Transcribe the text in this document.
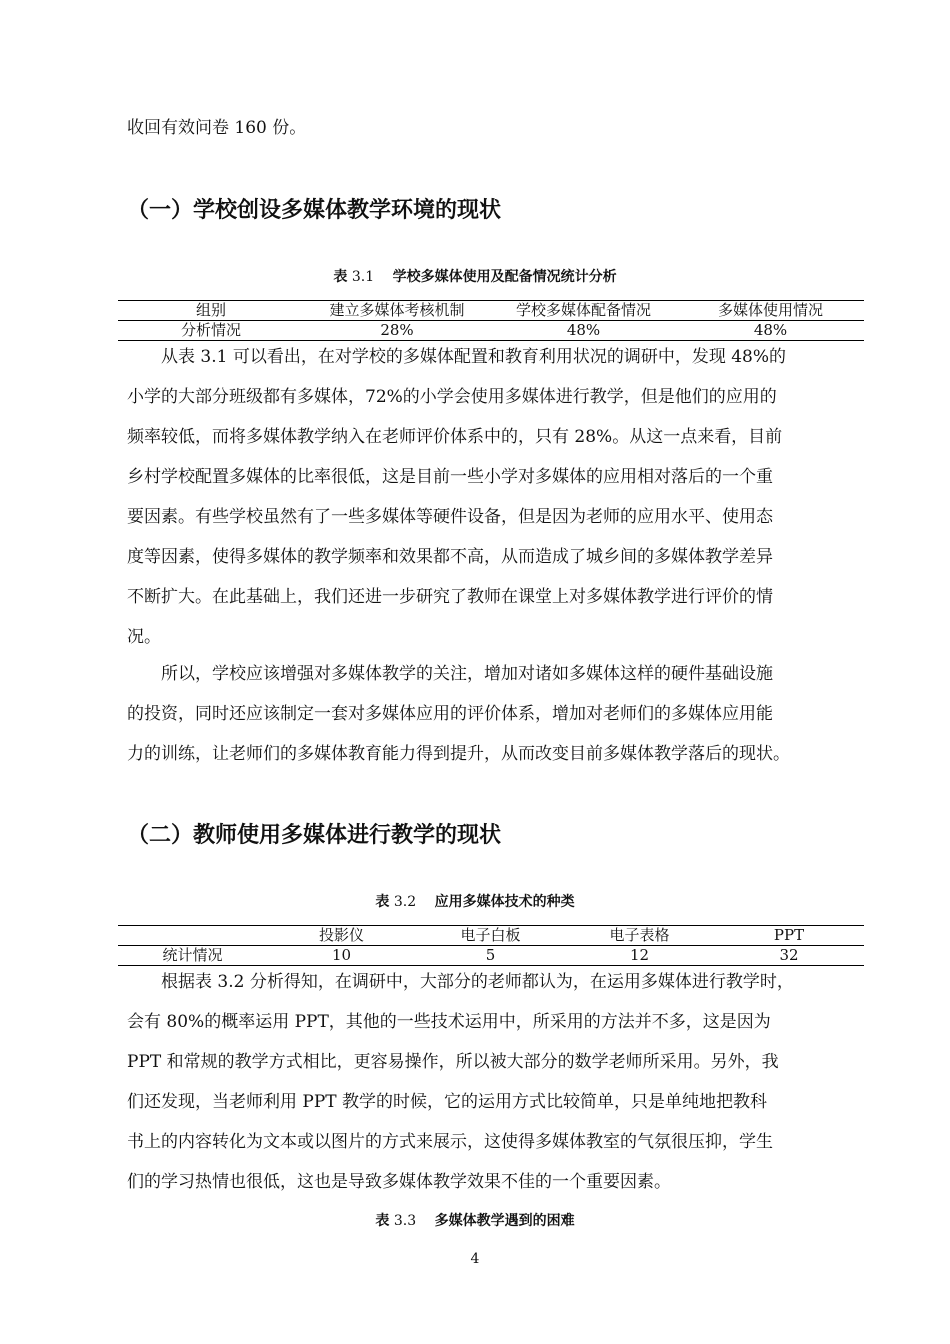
收回有效问卷 160 份。
（一）学校创设多媒体教学环境的现状

表 3.1 学校多媒体使用及配备情况统计分析

组别	建立多媒体考核机制	学校多媒体配备情况	多媒体使用情况
分析情况	28%	48%	48%
从表 3.1 可以看出，在对学校的多媒体配置和教育利用状况的调研中，发现 48%的
小学的大部分班级都有多媒体，72%的小学会使用多媒体进行教学，但是他们的应用的
频率较低，而将多媒体教学纳入在老师评价体系中的，只有 28%。从这一点来看，目前
乡村学校配置多媒体的比率很低，这是目前一些小学对多媒体的应用相对落后的一个重
要因素。有些学校虽然有了一些多媒体等硬件设备，但是因为老师的应用水平、使用态
度等因素，使得多媒体的教学频率和效果都不高，从而造成了城乡间的多媒体教学差异
不断扩大。在此基础上，我们还进一步研究了教师在课堂上对多媒体教学进行评价的情
况。
所以，学校应该增强对多媒体教学的关注，增加对诸如多媒体这样的硬件基础设施
的投资，同时还应该制定一套对多媒体应用的评价体系，增加对老师们的多媒体应用能
力的训练，让老师们的多媒体教育能力得到提升，从而改变目前多媒体教学落后的现状。
（二）教师使用多媒体进行教学的现状

表 3.2 应用多媒体技术的种类

	投影仪	电子白板	电子表格	PPT
统计情况	10	5	12	32
根据表 3.2 分析得知，在调研中，大部分的老师都认为，在运用多媒体进行教学时，
会有 80%的概率运用 PPT，其他的一些技术运用中，所采用的方法并不多，这是因为
PPT 和常规的教学方式相比，更容易操作，所以被大部分的数学老师所采用。另外，我
们还发现，当老师利用 PPT 教学的时候，它的运用方式比较简单，只是单纯地把教科
书上的内容转化为文本或以图片的方式来展示，这使得多媒体教室的气氛很压抑，学生
们的学习热情也很低，这也是导致多媒体教学效果不佳的一个重要因素。

表 3.3 多媒体教学遇到的困难

4
